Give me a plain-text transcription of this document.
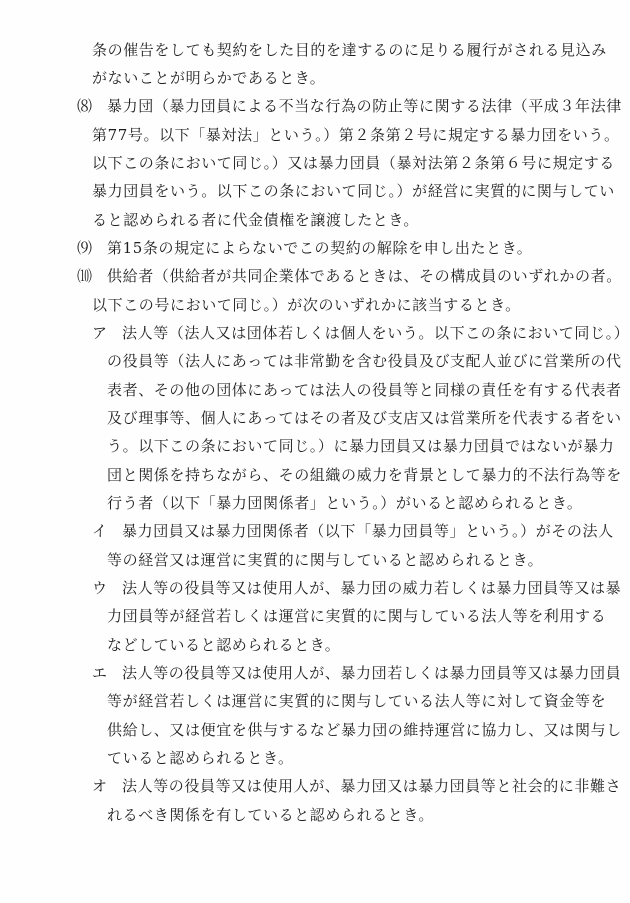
条の催告をしても契約をした目的を達するのに足りる履行がされる見込み
がないことが明らかであるとき。
⑻ 暴力団（暴力団員による不当な行為の防止等に関する法律（平成３年法律
第77号。以下「暴対法」という。）第２条第２号に規定する暴力団をいう。
以下この条において同じ。）又は暴力団員（暴対法第２条第６号に規定する
暴力団員をいう。以下この条において同じ。）が経営に実質的に関与してい
ると認められる者に代金債権を譲渡したとき。
⑼ 第15条の規定によらないでこの契約の解除を申し出たとき。
⑽ 供給者（供給者が共同企業体であるときは、その構成員のいずれかの者。
以下この号において同じ。）が次のいずれかに該当するとき。
ア 法人等（法人又は団体若しくは個人をいう。以下この条において同じ。）
の役員等（法人にあっては非常勤を含む役員及び支配人並びに営業所の代
表者、その他の団体にあっては法人の役員等と同様の責任を有する代表者
及び理事等、個人にあってはその者及び支店又は営業所を代表する者をい
う。以下この条において同じ。）に暴力団員又は暴力団員ではないが暴力
団と関係を持ちながら、その組織の威力を背景として暴力的不法行為等を
行う者（以下「暴力団関係者」という。）がいると認められるとき。
イ 暴力団員又は暴力団関係者（以下「暴力団員等」という。）がその法人
等の経営又は運営に実質的に関与していると認められるとき。
ウ 法人等の役員等又は使用人が、暴力団の威力若しくは暴力団員等又は暴
力団員等が経営若しくは運営に実質的に関与している法人等を利用する
などしていると認められるとき。
エ 法人等の役員等又は使用人が、暴力団若しくは暴力団員等又は暴力団員
等が経営若しくは運営に実質的に関与している法人等に対して資金等を
供給し、又は便宜を供与するなど暴力団の維持運営に協力し、又は関与し
ていると認められるとき。
オ 法人等の役員等又は使用人が、暴力団又は暴力団員等と社会的に非難さ
れるべき関係を有していると認められるとき。
